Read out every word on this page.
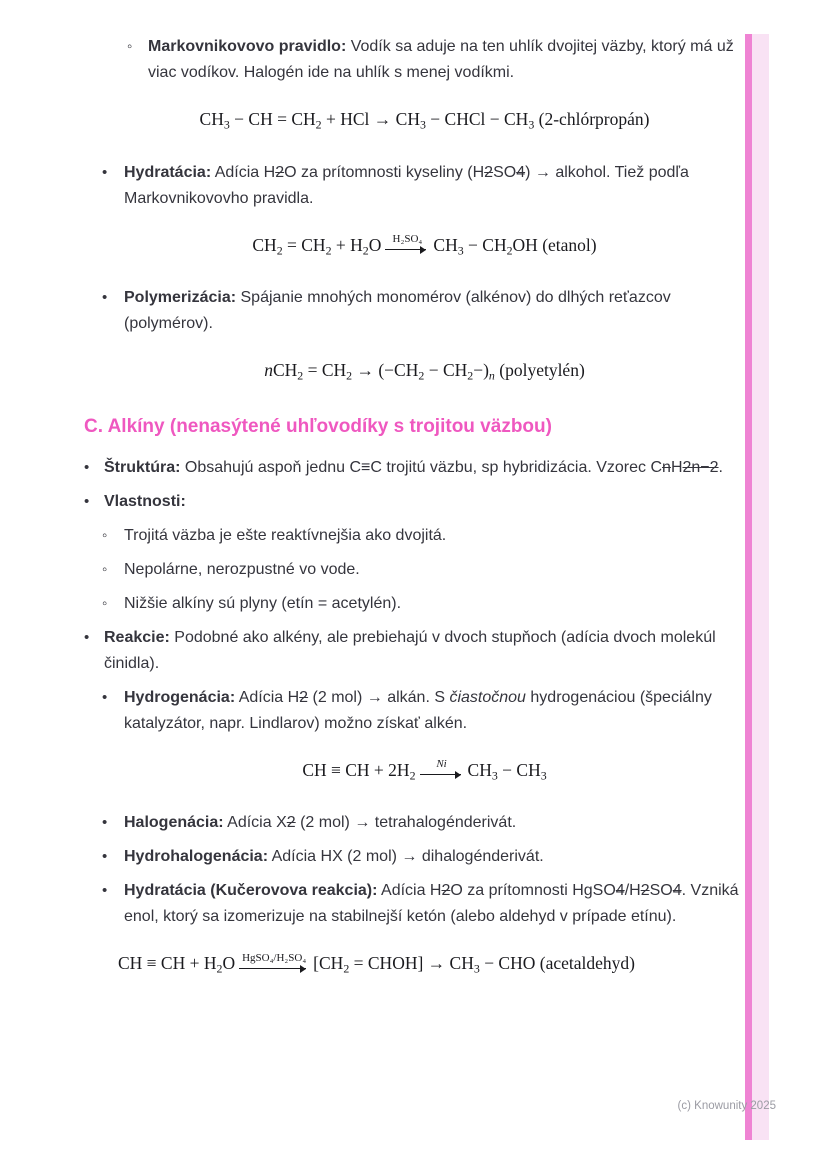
◦ Markovnikovovo pravidlo: Vodík sa aduje na ten uhlík dvojitej väzby, ktorý má už viac vodíkov. Halogén ide na uhlík s menej vodíkmi.
$CH_3$ − CH = $CH_2$ + HCl → $CH_3$ − CHCl − $CH_3$ (2-chlórpropán)
• Hydratácia: Adícia H2O za prítomnosti kyseliny (H2SO4) → alkohol. Tiež podľa Markovnikovovho pravidla.
$CH_2 = CH_2 + H_2O$ H₂SO₄ $CH_3 - CH_2OH$ (etanol)
• Polymerizácia: Spájanie mnohých monomérov (alkénov) do dlhých reťazcov (polymérov).
$nCH_2 = CH_2 \to (-CH_2 - CH_2-)_n$ (polyetylén)
C. Alkíny (nenasýtené uhľovodíky s trojitou väzbou)
• Štruktúra: Obsahujú aspoň jednu C≡C trojitú väzbu, sp hybridizácia. Vzorec CnH2n−2.
• Vlastnosti:
◦ Trojitá väzba je ešte reaktívnejšia ako dvojitá.
◦ Nepolárne, nerozpustné vo vode.
◦ Nižšie alkíny sú plyny (etín = acetylén).
• Reakcie: Podobné ako alkény, ale prebiehajú v dvoch stupňoch (adícia dvoch molekúl činidla).
• Hydrogenácia: Adícia H2 (2 mol) → alkán. S čiastočnou hydrogenáciou (špeciálny katalyzátor, napr. Lindlarov) možno získať alkén.
CH ≡ CH + $2H_2$
Ni $CH_3 - CH_3$
• Halogenácia: Adícia X2 (2 mol) → tetrahalogénderivát.
• Hydrohalogenácia: Adícia HX (2 mol) → dihalogénderivát.
• Hydratácia (Kučerovova reakcia): Adícia H2O za prítomnosti HgSO4/H2SO4. Vzniká enol, ktorý sa izomerizuje na stabilnejší ketón (alebo aldehyd v prípade etínu).
CH ≡ CH + $H_2O$ HgSO₄/H₂SO₄ [$CH_2$ = CHOH] → $CH_3$ − CHO (acetaldehyd)
(c) Knowunity 2025
